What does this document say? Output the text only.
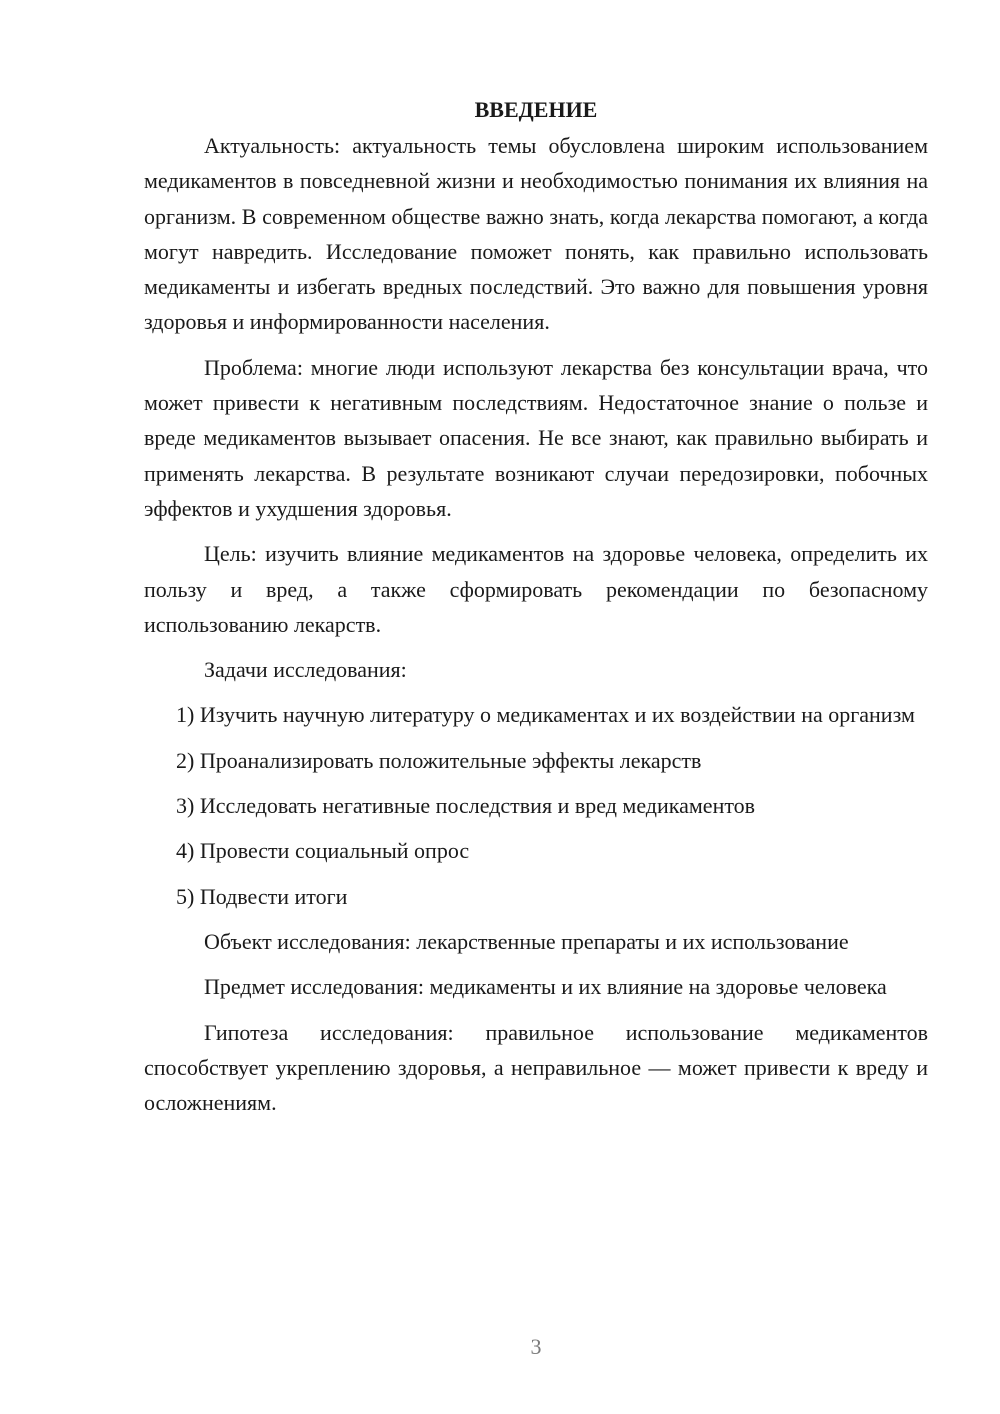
ВВЕДЕНИЕ

Актуальность: актуальность темы обусловлена широким использованием медикаментов в повседневной жизни и необходимостью понимания их влияния на организм. В современном обществе важно знать, когда лекарства помогают, а когда могут навредить. Исследование поможет понять, как правильно использовать медикаменты и избегать вредных последствий. Это важно для повышения уровня здоровья и информированности населения.

Проблема: многие люди используют лекарства без консультации врача, что может привести к негативным последствиям. Недостаточное знание о пользе и вреде медикаментов вызывает опасения. Не все знают, как правильно выбирать и применять лекарства. В результате возникают случаи передозировки, побочных эффектов и ухудшения здоровья.

Цель: изучить влияние медикаментов на здоровье человека, определить их пользу и вред, а также сформировать рекомендации по безопасному использованию лекарств.

Задачи исследования:

1) Изучить научную литературу о медикаментах и их воздействии на организм

2) Проанализировать положительные эффекты лекарств

3) Исследовать негативные последствия и вред медикаментов

4) Провести социальный опрос

5) Подвести итоги

Объект исследования: лекарственные препараты и их использование

Предмет исследования: медикаменты и их влияние на здоровье человека

Гипотеза исследования: правильное использование медикаментов способствует укреплению здоровья, а неправильное — может привести к вреду и осложнениям.

3
